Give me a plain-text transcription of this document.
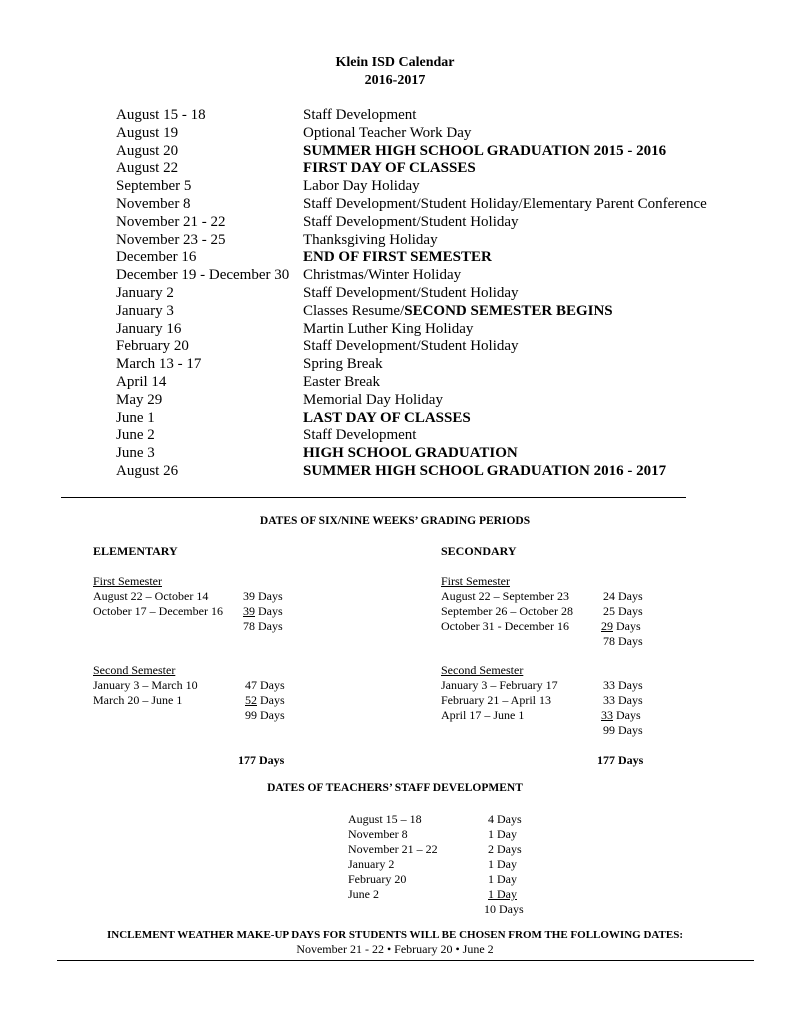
Klein ISD Calendar
2016-2017
August 15 - 18	Staff Development
August 19	Optional Teacher Work Day
August 20	SUMMER HIGH SCHOOL GRADUATION 2015 - 2016
August 22	FIRST DAY OF CLASSES
September 5	Labor Day Holiday
November 8	Staff Development/Student Holiday/Elementary Parent Conference
November 21 - 22	Staff Development/Student Holiday
November 23 - 25	Thanksgiving Holiday
December 16	END OF FIRST SEMESTER
December 19 - December 30 Christmas/Winter Holiday
January 2	Staff Development/Student Holiday
January 3	Classes Resume/SECOND SEMESTER BEGINS
January 16	Martin Luther King Holiday
February 20	Staff Development/Student Holiday
March 13 - 17	Spring Break
April 14	Easter Break
May 29	Memorial Day Holiday
June 1	LAST DAY OF CLASSES
June 2	Staff Development
June 3	HIGH SCHOOL GRADUATION
August 26	SUMMER HIGH SCHOOL GRADUATION 2016 - 2017
DATES OF SIX/NINE WEEKS’ GRADING PERIODS
ELEMENTARY
First Semester
August 22 – October 14	39 Days
October 17 – December 16 39 Days
78 Days
Second Semester
January 3 – March 10	47 Days
March 20 – June 1	52 Days
99 Days
177 Days
SECONDARY
First Semester
August 22 – September 23	24 Days
September 26 – October 28	25 Days
October 31 - December 16	29 Days
78 Days
Second Semester
January 3 – February 17	33 Days
February 21 – April 13	33 Days
April 17 – June 1	33 Days
99 Days
177 Days
DATES OF TEACHERS’ STAFF DEVELOPMENT
August 15 – 18	4 Days
November 8	1 Day
November 21 – 22	2 Days
January 2	1 Day
February 20	1 Day
June 2	1 Day
10 Days
INCLEMENT WEATHER MAKE-UP DAYS FOR STUDENTS WILL BE CHOSEN FROM THE FOLLOWING DATES:
November 21 - 22 • February 20 • June 2
